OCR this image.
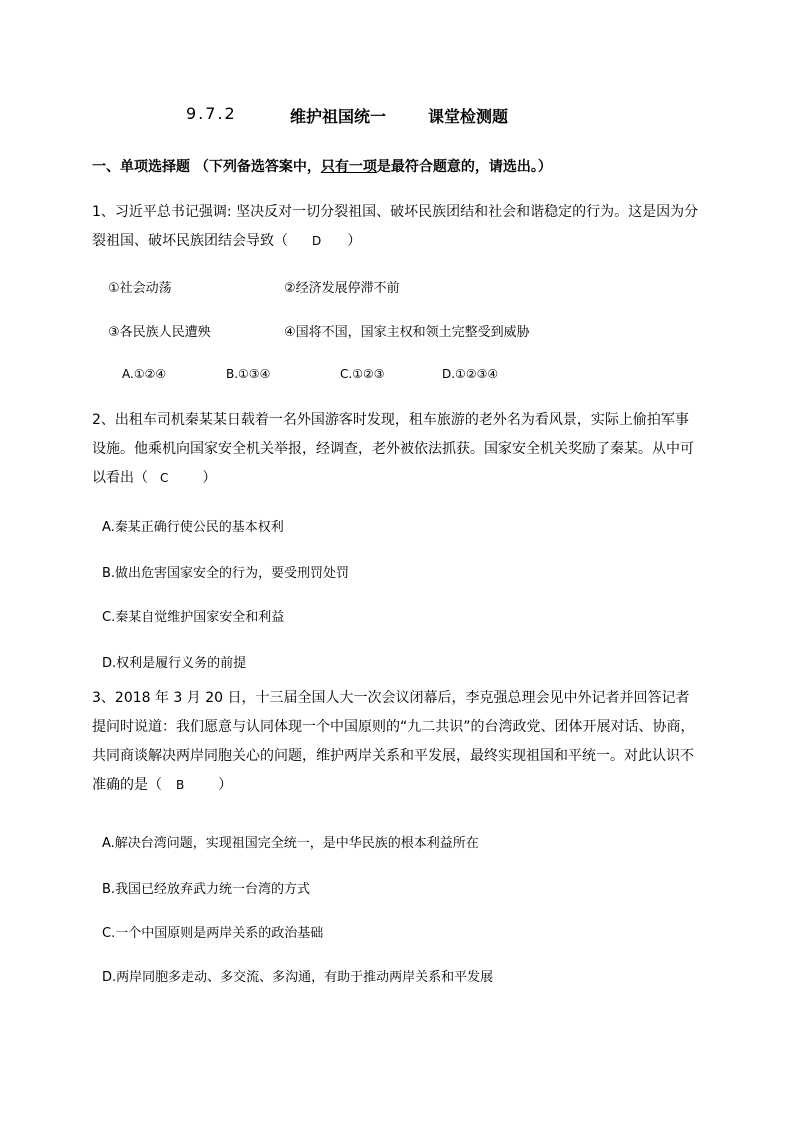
9.7.2	维护祖国统一	课堂检测题
一、单项选择题 （下列备选答案中，只有一项是最符合题意的，请选出。）
1、习近平总书记强调: 坚决反对一切分裂祖国、破坏民族团结和社会和谐稳定的行为。这是因为分裂祖国、破坏民族团结会导致（ D ）
①社会动荡	②经济发展停滞不前
③各民族人民遭殃	④国将不国，国家主权和领土完整受到威胁
A.①②④	B.①③④	C.①②③	D.①②③④
2、出租车司机秦某某日载着一名外国游客时发现，租车旅游的老外名为看风景，实际上偷拍军事设施。他乘机向国家安全机关举报，经调查，老外被依法抓获。国家安全机关奖励了秦某。从中可以看出（ C ）
A.秦某正确行使公民的基本权利
B.做出危害国家安全的行为，要受刑罚处罚
C.秦某自觉维护国家安全和利益
D.权利是履行义务的前提
3、2018 年 3 月 20 日，十三届全国人大一次会议闭幕后，李克强总理会见中外记者并回答记者提问时说道：我们愿意与认同体现一个中国原则的“九二共识”的台湾政党、团体开展对话、协商，共同商谈解决两岸同胞关心的问题，维护两岸关系和平发展，最终实现祖国和平统一。对此认识不准确的是（ B ）
A.解决台湾问题，实现祖国完全统一，是中华民族的根本利益所在
B.我国已经放弃武力统一台湾的方式
C.一个中国原则是两岸关系的政治基础
D.两岸同胞多走动、多交流、多沟通，有助于推动两岸关系和平发展
